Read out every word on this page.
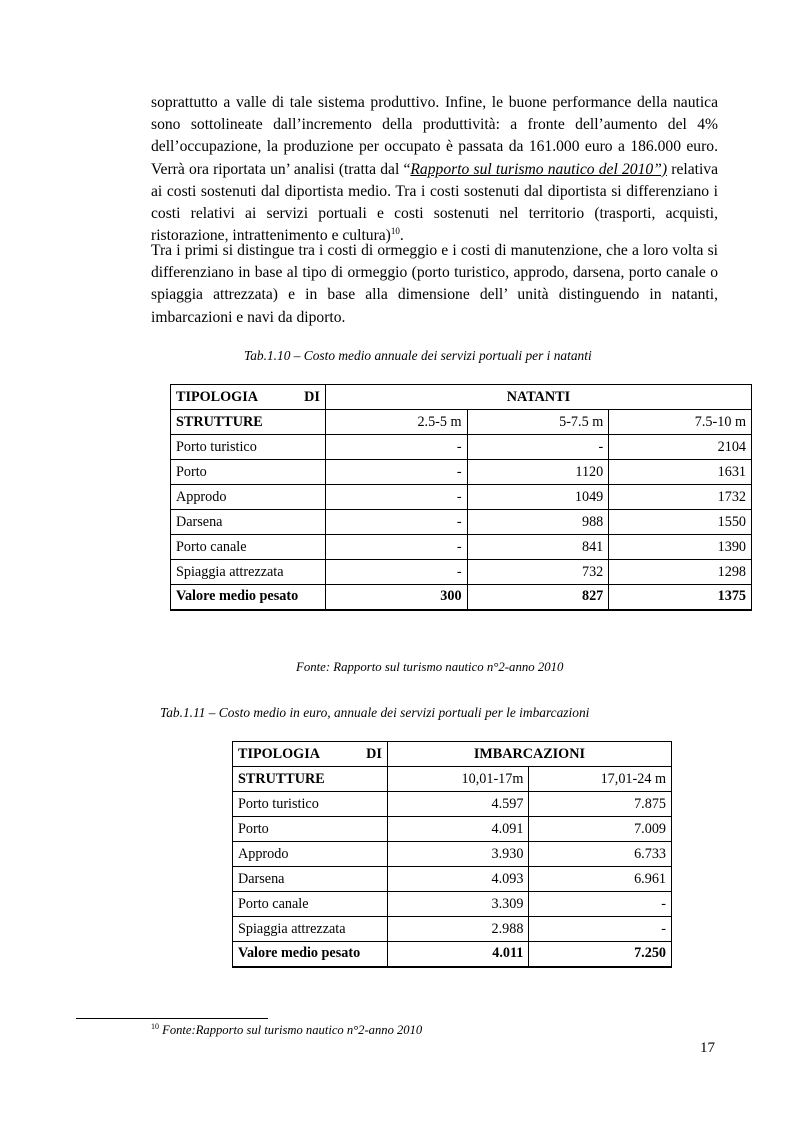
soprattutto a valle di tale sistema produttivo. Infine, le buone performance della nautica sono sottolineate dall’incremento della produttività: a fronte dell’aumento del 4% dell’occupazione, la produzione per occupato è passata da 161.000 euro a 186.000 euro. Verrà ora riportata un’ analisi (tratta dal “Rapporto sul turismo nautico del 2010”) relativa ai costi sostenuti dal diportista medio. Tra i costi sostenuti dal diportista si differenziano i costi relativi ai servizi portuali e costi sostenuti nel territorio (trasporti, acquisti, ristorazione, intrattenimento e cultura)$^{10}$.

Tra i primi si distingue tra i costi di ormeggio e i costi di manutenzione, che a loro volta si differenziano in base al tipo di ormeggio (porto turistico, approdo, darsena, porto canale o spiaggia attrezzata) e in base alla dimensione dell’ unità distinguendo in natanti, imbarcazioni e navi da diporto.

Tab.1.10 – Costo medio annuale dei servizi portuali per i natanti

TIPOLOGIA DI	NATANTI		
STRUTTURE	2.5-5 m	5-7.5 m	7.5-10 m
Porto turistico	-	-	2104
Porto	-	1120	1631
Approdo	-	1049	1732
Darsena	-	988	1550
Porto canale	-	841	1390
Spiaggia attrezzata	-	732	1298
Valore medio pesato	300	827	1375

Fonte: Rapporto sul turismo nautico n°2-anno 2010

Tab.1.11 – Costo medio in euro, annuale dei servizi portuali per le imbarcazioni

TIPOLOGIA DI	IMBARCAZIONI	
STRUTTURE	10,01-17m	17,01-24 m
Porto turistico	4.597	7.875
Porto	4.091	7.009
Approdo	3.930	6.733
Darsena	4.093	6.961
Porto canale	3.309	-
Spiaggia attrezzata	2.988	-
Valore medio pesato	4.011	7.250
$^{10}$ Fonte:Rapporto sul turismo nautico n°2-anno 2010
17
